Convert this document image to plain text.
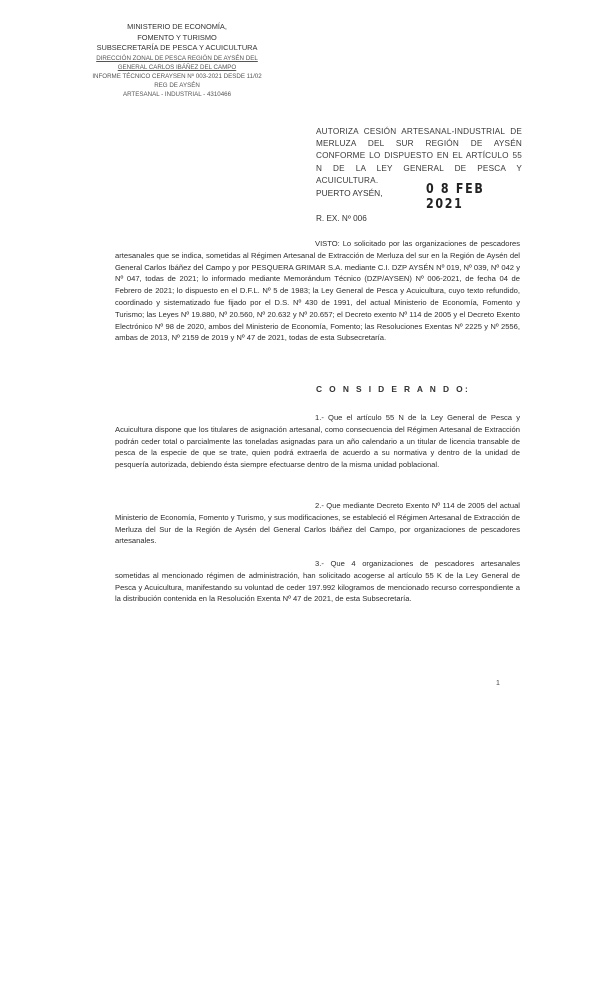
MINISTERIO DE ECONOMÍA,
FOMENTO Y TURISMO
SUBSECRETARÍA DE PESCA Y ACUICULTURA
DIRECCIÓN ZONAL DE PESCA REGIÓN DE AYSÉN DEL
GENERAL CARLOS IBÁÑEZ DEL CAMPO
INFORME TÉCNICO CERAYSEN Nº 003-2021 DESDE 11/02
REG DE AYSÉN
ARTESANAL - INDUSTRIAL - 4310466
AUTORIZA CESIÓN ARTESANAL-INDUSTRIAL DE MERLUZA DEL SUR REGIÓN DE AYSÉN CONFORME LO DISPUESTO EN EL ARTÍCULO 55 N DE LA LEY GENERAL DE PESCA Y ACUICULTURA.
PUERTO AYSÉN,	0 8 FEB 2021
R. EX. Nº 006
VISTO: Lo solicitado por las organizaciones de pescadores artesanales que se indica, sometidas al Régimen Artesanal de Extracción de Merluza del sur en la Región de Aysén del General Carlos Ibáñez del Campo y por PESQUERA GRIMAR S.A. mediante C.I. DZP AYSÉN Nº 019, Nº 039, Nº 042 y Nº 047, todas de 2021; lo informado mediante Memorándum Técnico (DZP/AYSEN) Nº 006-2021, de fecha 04 de Febrero de 2021; lo dispuesto en el D.F.L. Nº 5 de 1983; la Ley General de Pesca y Acuicultura, cuyo texto refundido, coordinado y sistematizado fue fijado por el D.S. Nº 430 de 1991, del actual Ministerio de Economía, Fomento y Turismo; las Leyes Nº 19.880, Nº 20.560, Nº 20.632 y Nº 20.657; el Decreto exento Nº 114 de 2005 y el Decreto Exento Electrónico Nº 98 de 2020, ambos del Ministerio de Economía, Fomento; las Resoluciones Exentas Nº 2225 y Nº 2556, ambas de 2013, Nº 2159 de 2019 y Nº 47 de 2021, todas de esta Subsecretaría.
C O N S I D E R A N D O:
1.- Que el artículo 55 N de la Ley General de Pesca y Acuicultura dispone que los titulares de asignación artesanal, como consecuencia del Régimen Artesanal de Extracción podrán ceder total o parcialmente las toneladas asignadas para un año calendario a un titular de licencia transable de pesca de la especie de que se trate, quien podrá extraerla de acuerdo a su normativa y dentro de la unidad de pesquería autorizada, debiendo ésta siempre efectuarse dentro de la misma unidad poblacional.
2.- Que mediante Decreto Exento Nº 114 de 2005 del actual Ministerio de Economía, Fomento y Turismo, y sus modificaciones, se estableció el Régimen Artesanal de Extracción de Merluza del Sur de la Región de Aysén del General Carlos Ibáñez del Campo, por organizaciones de pescadores artesanales.
3.- Que 4 organizaciones de pescadores artesanales sometidas al mencionado régimen de administración, han solicitado acogerse al artículo 55 K de la Ley General de Pesca y Acuicultura, manifestando su voluntad de ceder 197.992 kilogramos de mencionado recurso correspondiente a la distribución contenida en la Resolución Exenta Nº 47 de 2021, de esta Subsecretaría.
1
